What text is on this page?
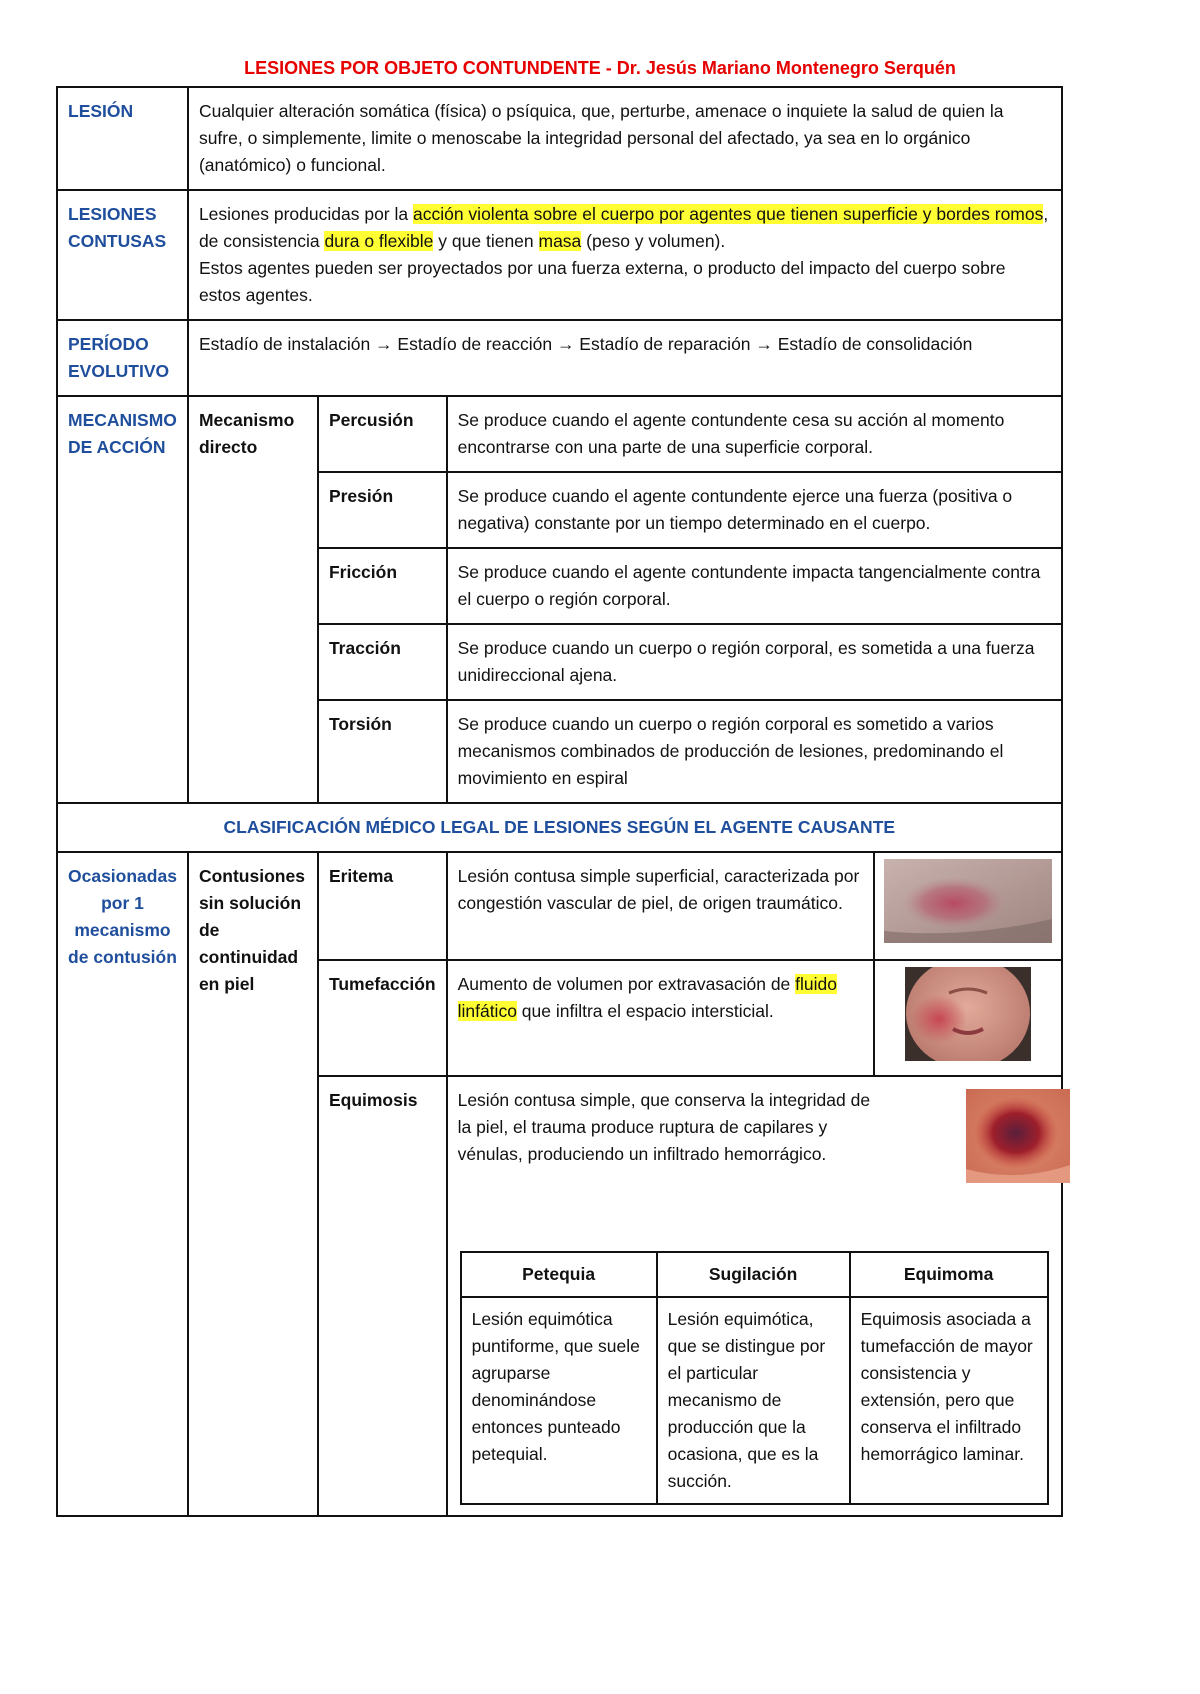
LESIONES POR OBJETO CONTUNDENTE - Dr. Jesús Mariano Montenegro Serquén
LESIÓN	Cualquier alteración somática (física) o psíquica, que, perturbe, amenace o inquiete la salud de quien la sufre, o simplemente, limite o menoscabe la integridad personal del afectado, ya sea en lo orgánico (anatómico) o funcional.
LESIONES CONTUSAS	Lesiones producidas por la acción violenta sobre el cuerpo por agentes que tienen superficie y bordes romos, de consistencia dura o flexible y que tienen masa (peso y volumen).
Estos agentes pueden ser proyectados por una fuerza externa, o producto del impacto del cuerpo sobre estos agentes.
PERÍODO EVOLUTIVO	Estadío de instalación → Estadío de reacción → Estadío de reparación → Estadío de consolidación
MECANISMO DE ACCIÓN	Mecanismo directo	Percusión	Se produce cuando el agente contundente cesa su acción al momento encontrarse con una parte de una superficie corporal.
Presión	Se produce cuando el agente contundente ejerce una fuerza (positiva o negativa) constante por un tiempo determinado en el cuerpo.
Fricción	Se produce cuando el agente contundente impacta tangencialmente contra el cuerpo o región corporal.
Tracción	Se produce cuando un cuerpo o región corporal, es sometida a una fuerza unidireccional ajena.
Torsión	Se produce cuando un cuerpo o región corporal es sometido a varios mecanismos combinados de producción de lesiones, predominando el movimiento en espiral
CLASIFICACIÓN MÉDICO LEGAL DE LESIONES SEGÚN EL AGENTE CAUSANTE
Ocasionadas por 1 mecanismo de contusión	Contusiones sin solución de continuidad en piel	Eritema	Lesión contusa simple superficial, caracterizada por congestión vascular de piel, de origen traumático.	

Tumefacción	Aumento de volumen por extravasación de fluido linfático que infiltra el espacio intersticial.	

Equimosis	Lesión contusa simple, que conserva la integridad de la piel, el trauma produce ruptura de capilares y vénulas, produciendo un infiltrado hemorrágico.
Petequia	Sugilación	Equimoma
Lesión equimótica puntiforme, que suele agruparse denominándose entonces punteado petequial.	Lesión equimótica, que se distingue por el particular mecanismo de producción que la ocasiona, que es la succión.	Equimosis asociada a tumefacción de mayor consistencia y extensión, pero que conserva el infiltrado hemorrágico laminar.
